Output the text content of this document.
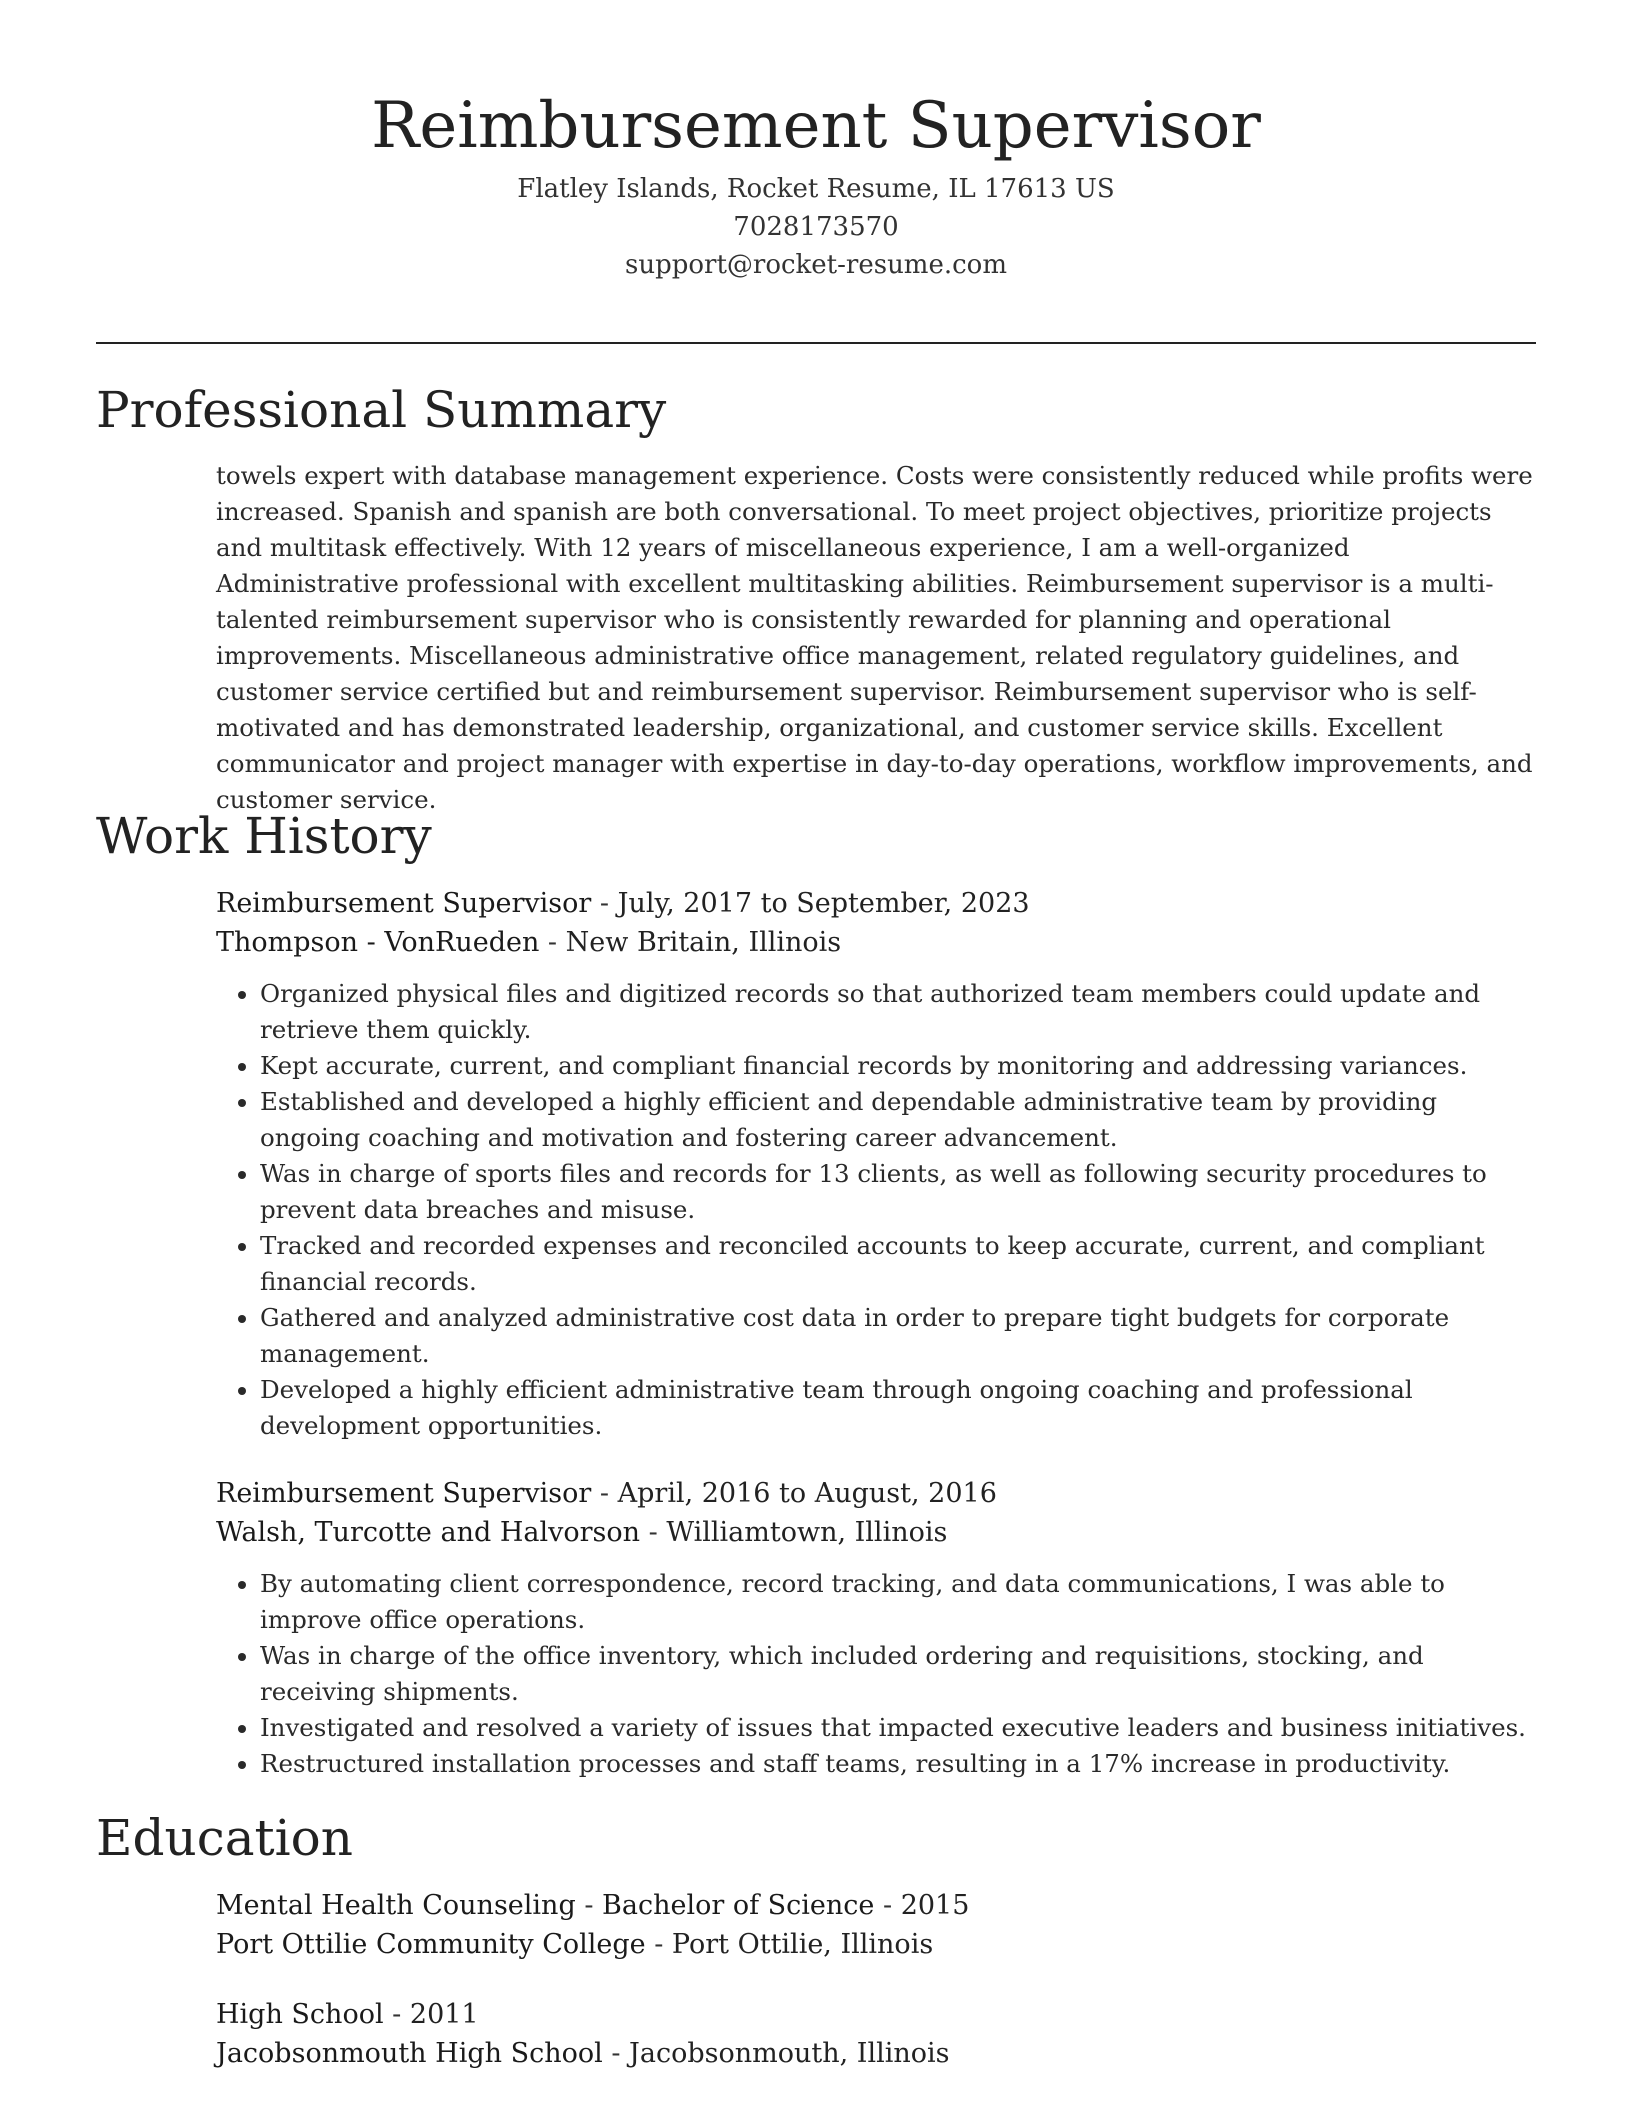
Reimbursement Supervisor
Flatley Islands, Rocket Resume, IL 17613 US
7028173570
support@rocket-resume.com
Professional Summary
towels expert with database management experience. Costs were consistently reduced while profits were increased. Spanish and spanish are both conversational. To meet project objectives, prioritize projects and multitask effectively. With 12 years of miscellaneous experience, I am a well-organized Administrative professional with excellent multitasking abilities. Reimbursement supervisor is a multi-talented reimbursement supervisor who is consistently rewarded for planning and operational improvements. Miscellaneous administrative office management, related regulatory guidelines, and customer service certified but and reimbursement supervisor. Reimbursement supervisor who is self-motivated and has demonstrated leadership, organizational, and customer service skills. Excellent communicator and project manager with expertise in day-to-day operations, workflow improvements, and customer service.
Work History
Reimbursement Supervisor - July, 2017 to September, 2023
Thompson - VonRueden - New Britain, Illinois
• Organized physical files and digitized records so that authorized team members could update and retrieve them quickly.
• Kept accurate, current, and compliant financial records by monitoring and addressing variances.
• Established and developed a highly efficient and dependable administrative team by providing ongoing coaching and motivation and fostering career advancement.
• Was in charge of sports files and records for 13 clients, as well as following security procedures to prevent data breaches and misuse.
• Tracked and recorded expenses and reconciled accounts to keep accurate, current, and compliant financial records.
• Gathered and analyzed administrative cost data in order to prepare tight budgets for corporate management.
• Developed a highly efficient administrative team through ongoing coaching and professional development opportunities.
Reimbursement Supervisor - April, 2016 to August, 2016
Walsh, Turcotte and Halvorson - Williamtown, Illinois
• By automating client correspondence, record tracking, and data communications, I was able to improve office operations.
• Was in charge of the office inventory, which included ordering and requisitions, stocking, and receiving shipments.
• Investigated and resolved a variety of issues that impacted executive leaders and business initiatives.
• Restructured installation processes and staff teams, resulting in a 17% increase in productivity.
Education
Mental Health Counseling - Bachelor of Science - 2015
Port Ottilie Community College - Port Ottilie, Illinois
High School - 2011
Jacobsonmouth High School - Jacobsonmouth, Illinois
